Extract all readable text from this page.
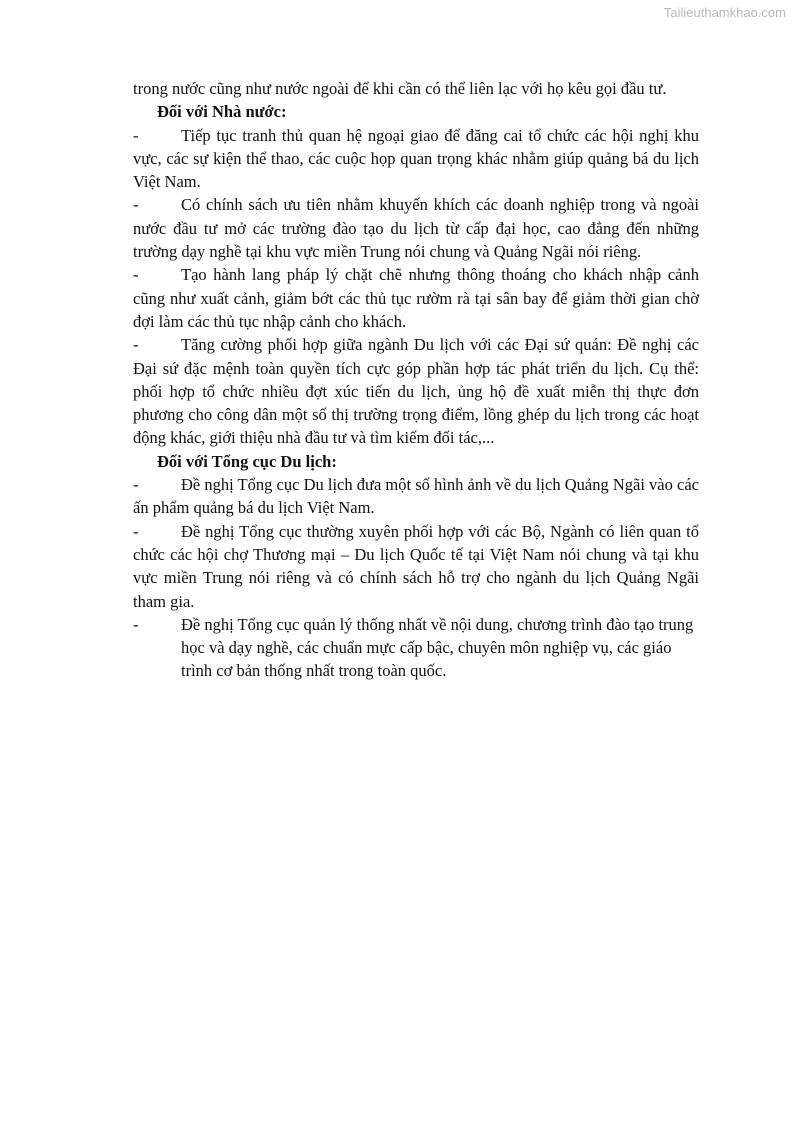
Tailieuthamkhao.com

trong nước cũng như nước ngoài để khi cần có thể liên lạc với họ kêu gọi đầu tư.

Đối với Nhà nước:

-	Tiếp tục tranh thủ quan hệ ngoại giao để đăng cai tổ chức các hội nghị khu vực, các sự kiện thể thao, các cuộc họp quan trọng khác nhằm giúp quảng bá du lịch Việt Nam.

-	Có chính sách ưu tiên nhằm khuyến khích các doanh nghiệp trong và ngoài nước đầu tư mở các trường đào tạo du lịch từ cấp đại học, cao đẳng đến những trường dạy nghề tại khu vực miền Trung nói chung và Quảng Ngãi nói riêng.

-	Tạo hành lang pháp lý chặt chẽ nhưng thông thoáng cho khách nhập cảnh cũng như xuất cảnh, giảm bớt các thủ tục rườm rà tại sân bay để giảm thời gian chờ đợi làm các thủ tục nhập cảnh cho khách.

-	Tăng cường phối hợp giữa ngành Du lịch với các Đại sứ quán: Đề nghị các Đại sứ đặc mệnh toàn quyền tích cực góp phần hợp tác phát triển du lịch. Cụ thể: phối hợp tổ chức nhiều đợt xúc tiến du lịch, ủng hộ đề xuất miễn thị thực đơn phương cho công dân một số thị trường trọng điểm, lồng ghép du lịch trong các hoạt động khác, giới thiệu nhà đầu tư và tìm kiếm đối tác,...

Đối với Tổng cục Du lịch:

-	Đề nghị Tổng cục Du lịch đưa một số hình ảnh về du lịch Quảng Ngãi vào các ấn phẩm quảng bá du lịch Việt Nam.

-	Đề nghị Tổng cục thường xuyên phối hợp với các Bộ, Ngành có liên quan tổ chức các hội chợ Thương mại – Du lịch Quốc tế tại Việt Nam nói chung và tại khu vực miền Trung nói riêng và có chính sách hỗ trợ cho ngành du lịch Quảng Ngãi tham gia.

-	Đề nghị Tổng cục quản lý thống nhất về nội dung, chương trình đào tạo trung học và dạy nghề, các chuẩn mực cấp bậc, chuyên môn nghiệp vụ, các giáo trình cơ bản thống nhất trong toàn quốc.
